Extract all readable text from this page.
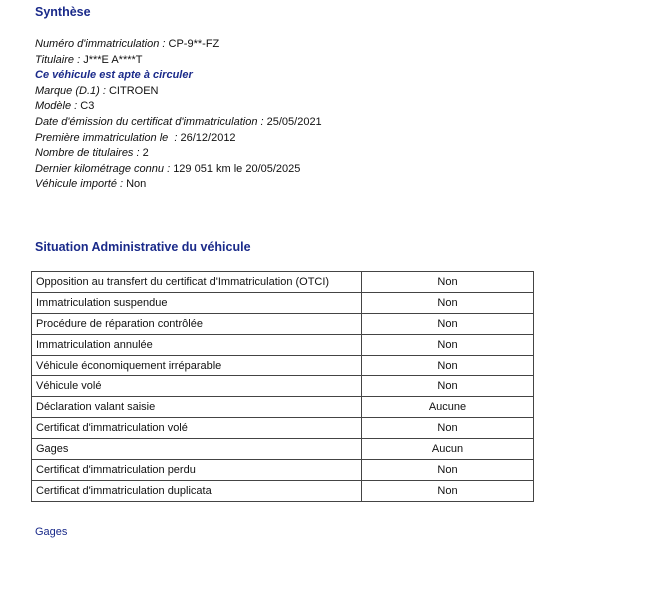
Synthèse
Numéro d'immatriculation : CP-9**-FZ
Titulaire : J***E A****T
Ce véhicule est apte à circuler
Marque (D.1) : CITROEN
Modèle : C3
Date d'émission du certificat d'immatriculation : 25/05/2021
Première immatriculation le  : 26/12/2012
Nombre de titulaires : 2
Dernier kilométrage connu : 129 051 km le 20/05/2025
Véhicule importé : Non
Situation Administrative du véhicule
Opposition au transfert du certificat d'Immatriculation (OTCI)	Non
Immatriculation suspendue	Non
Procédure de réparation contrôlée	Non
Immatriculation annulée	Non
Véhicule économiquement irréparable	Non
Véhicule volé	Non
Déclaration valant saisie	Aucune
Certificat d'immatriculation volé	Non
Gages	Aucun
Certificat d'immatriculation perdu	Non
Certificat d'immatriculation duplicata	Non
Gages
